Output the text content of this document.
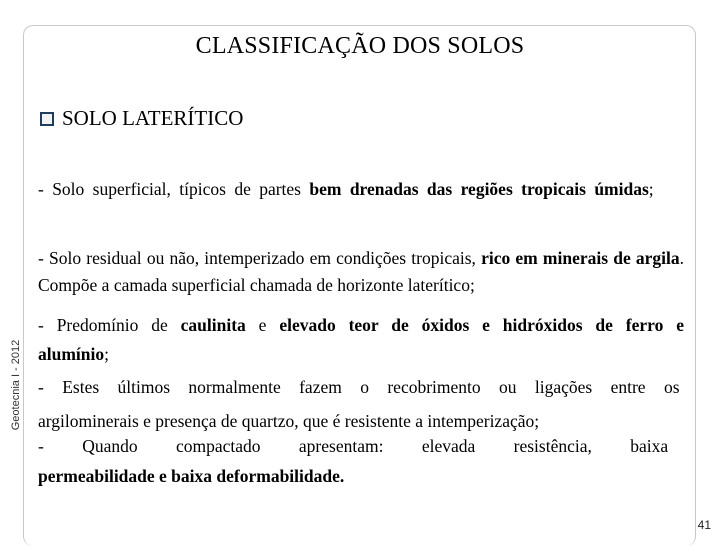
Geotecnia I - 2012
CLASSIFICAÇÃO DOS SOLOS
SOLO LATERÍTICO
- Solo superficial, típicos de partes bem drenadas das regiões tropicais úmidas;
- Solo residual ou não, intemperizado em condições tropicais, rico em minerais de argila. Compõe a camada superficial chamada de horizonte laterítico;
- Predomínio de caulinita e elevado teor de óxidos e hidróxidos de ferro e alumínio;
- Estes últimos normalmente fazem o recobrimento ou ligações entre os
argilominerais e presença de quartzo, que é resistente a intemperização;
- Quando compactado apresentam: elevada resistência, baixa
permeabilidade e baixa deformabilidade.
41
